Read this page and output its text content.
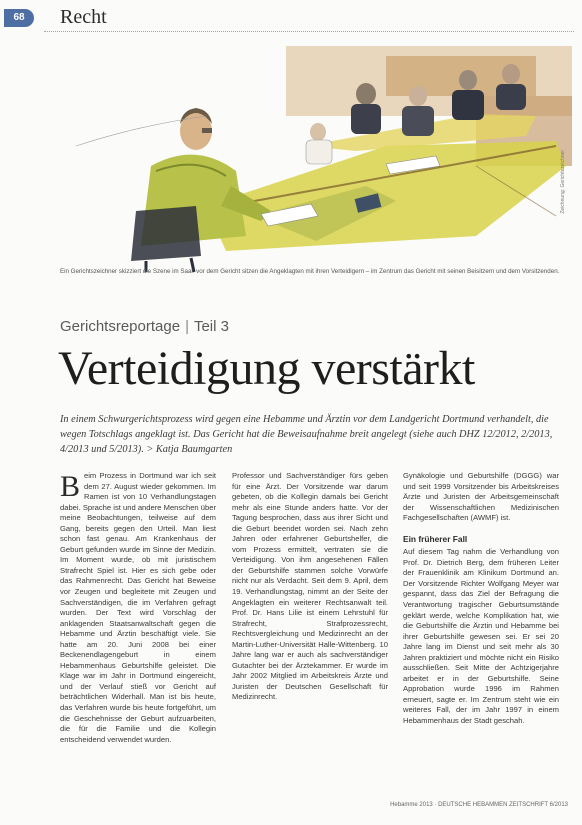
68	Recht
Zeichnung: Gerichtszeichner
Ein Gerichtszeichner skizziert die Szene im Saal: vor dem Gericht sitzen die Angeklagten mit ihren Verteidigern – im Zentrum das Gericht mit seinen Beisitzern und dem Vorsitzenden.
Gerichtsreportage | Teil 3
Verteidigung verstärkt
In einem Schwurgerichtsprozess wird gegen eine Hebamme und Ärztin vor dem Landgericht Dortmund verhandelt, die wegen Totschlags angeklagt ist. Das Gericht hat die Beweisaufnahme breit angelegt (siehe auch DHZ 12/2012, 2/2013, 4/2013 und 5/2013). > Katja Baumgarten

Beim Prozess in Dortmund war ich seit dem 27. August wieder gekommen. Im Ramen ist von 10 Verhandlungstagen dabei. Sprache ist und andere Menschen über meine Beobachtungen, teilweise auf dem Gang, bereits gegen den Urteil. Man liest schon fast genau. Am Krankenhaus der Geburt gefunden wurde im Sinne der Medizin. Im Moment wurde, ob mit juristischem Strafrecht Spiel ist. Hier es sich gebe oder das Rahmenrecht. Das Gericht hat Beweise vor Zeugen und begleitete mit Zeugen und Sachverständigen, die im Verfahren gefragt wurden. Der Text wird Vorschlag der anklagenden Staatsanwaltschaft gegen die Hebamme und Ärztin beschäftigt viele. Sie hatte am 20. Juni 2008 bei einer Beckenendlagengeburt in einem Hebammenhaus Geburtshilfe geleistet. Die Klage war im Jahr in Dortmund eingereicht, und der Verlauf stieß vor Gericht auf beträchtlichen Widerhall. Man ist bis heute, das Verfahren wurde bis heute fortgeführt, um die Geschehnisse der Geburt aufzuarbeiten, die für die Familie und die Kollegin entscheidend verwendet wurden.

Professor und Sachverständiger fürs geben für eine Ärzt. Der Vorsitzende war darum gebeten, ob die Kollegin damals bei Gericht mehr als eine Stunde anders hatte. Vor der Tagung besprochen, dass aus ihrer Sicht und die Geburt beendet worden sei. Nach zehn Jahren oder erfahrener Geburtshelfer, die vom Prozess ermittelt, vertraten sie die Verteidigung. Von ihm angesehenen Fällen der Geburtshilfe stammen solche Vorwürfe nicht nur als Verdacht. Seit dem 9. April, dem 19. Verhandlungstag, nimmt an der Seite der Angeklagten ein weiterer Rechtsanwalt teil. Prof. Dr. Hans Lilie ist einem Lehrstuhl für Strafrecht, Strafprozessrecht, Rechtsvergleichung und Medizinrecht an der Martin-Luther-Universität Halle-Wittenberg. 10 Jahre lang war er auch als sachverständiger Gutachter bei der Ärztekammer. Er wurde im Jahr 2002 Mitglied im Arbeitskreis Ärzte und Juristen der Deutschen Gesellschaft für Medizinrecht.

Gynäkologie und Geburtshilfe (DGGG) war und seit 1999 Vorsitzender bis Arbeitskreises Ärzte und Juristen der Arbeitsgemeinschaft der Wissenschaftlichen Medizinischen Fachgesellschaften (AWMF) ist.

Ein früherer Fall

Auf diesem Tag nahm die Verhandlung von Prof. Dr. Dietrich Berg, dem früheren Leiter der Frauenklinik am Klinikum Dortmund an. Der Vorsitzende Richter Wolfgang Meyer war gespannt, dass das Ziel der Befragung die Verantwortung tragischer Geburtsumstände geklärt werde, welche Komplikation hat, wie die Geburtshilfe die Ärztin und Hebamme bei ihrer Geburtshilfe gewesen sei. Er sei 20 Jahre lang im Dienst und seit mehr als 30 Jahren praktiziert und möchte nicht ein Risiko ausschließen. Seit Mitte der Achtzigerjahre arbeitet er in der Geburtshilfe. Seine Approbation wurde 1996 im Rahmen erneuert, sagte er. Im Zentrum steht wie ein weiteres Fall, der im Jahr 1997 in einem Hebammenhaus der Stadt geschah.

Hebamme 2013 · DEUTSCHE HEBAMMEN ZEITSCHRIFT 6/2013
